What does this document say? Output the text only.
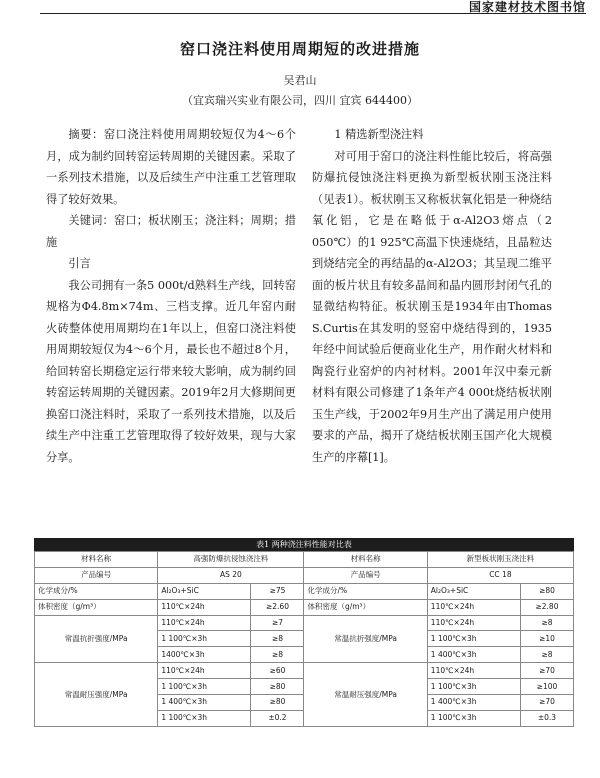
国家建材技术图书馆
窑口浇注料使用周期短的改进措施
吴君山
（宜宾瑞兴实业有限公司，四川 宜宾 644400）

摘要：窑口浇注料使用周期较短仅为4～6个月，成为制约回转窑运转周期的关键因素。采取了一系列技术措施，以及后续生产中注重工艺管理取得了较好效果。

关键词：窑口；板状刚玉；浇注料；周期；措施

引言

我公司拥有一条5 000t/d熟料生产线，回转窑规格为Φ4.8m×74m、三档支撑。近几年窑内耐火砖整体使用周期均在1年以上，但窑口浇注料使用周期较短仅为4～6个月，最长也不超过8个月，给回转窑长期稳定运行带来较大影响，成为制约回转窑运转周期的关键因素。2019年2月大修期间更换窑口浇注料时，采取了一系列技术措施，以及后续生产中注重工艺管理取得了较好效果，现与大家分享。

1 精选新型浇注料

对可用于窑口的浇注料性能比较后，将高强防爆抗侵蚀浇注料更换为新型板状刚玉浇注料（见表1）。板状刚玉又称板状氧化铝是一种烧结氧化铝，它是在略低于α-Al2O3熔点（2 050℃）的1 925℃高温下快速烧结，且晶粒达到烧结完全的再结晶的α-Al2O3；其呈现二维平面的板片状且有较多晶间和晶内圆形封闭气孔的显微结构特征。板状刚玉是1934年由Thomas S.Curtis在其发明的竖窑中烧结得到的，1935年经中间试验后便商业化生产，用作耐火材料和陶瓷行业窑炉的内衬材料。2001年汉中秦元新材料有限公司修建了1条年产4 000t烧结板状刚玉生产线，于2002年9月生产出了满足用户使用要求的产品，揭开了烧结板状刚玉国产化大规模生产的序幕[1]。

表1 两种浇注料性能对比表
材料名称	高强防爆抗侵蚀浇注料		材料名称	新型板状刚玉浇注料	
产品编号	AS 20		产品编号	CC 18	
化学成分/%	Al₂O₃+SiC	≥75	化学成分/%	Al₂O₃+SiC	≥80
体积密度（g/m³）	110℃×24h	≥2.60	体积密度（g/m³）	110℃×24h	≥2.80
常温抗折强度/MPa	110℃×24h	≥7	常温抗折强度/MPa	110℃×24h	≥8
	1 100℃×3h	≥8		1 100℃×3h	≥10
	1400℃×3h	≥8		1 400℃×3h	≥8
常温耐压强度/MPa	110℃×24h	≥60	常温耐压强度/MPa	110℃×24h	≥70
	1 100℃×3h	≥80		1 100℃×3h	≥100
	1 400℃×3h	≥80		1 400℃×3h	≥70
	1 100℃×3h	±0.2		1 100℃×3h	±0.3
